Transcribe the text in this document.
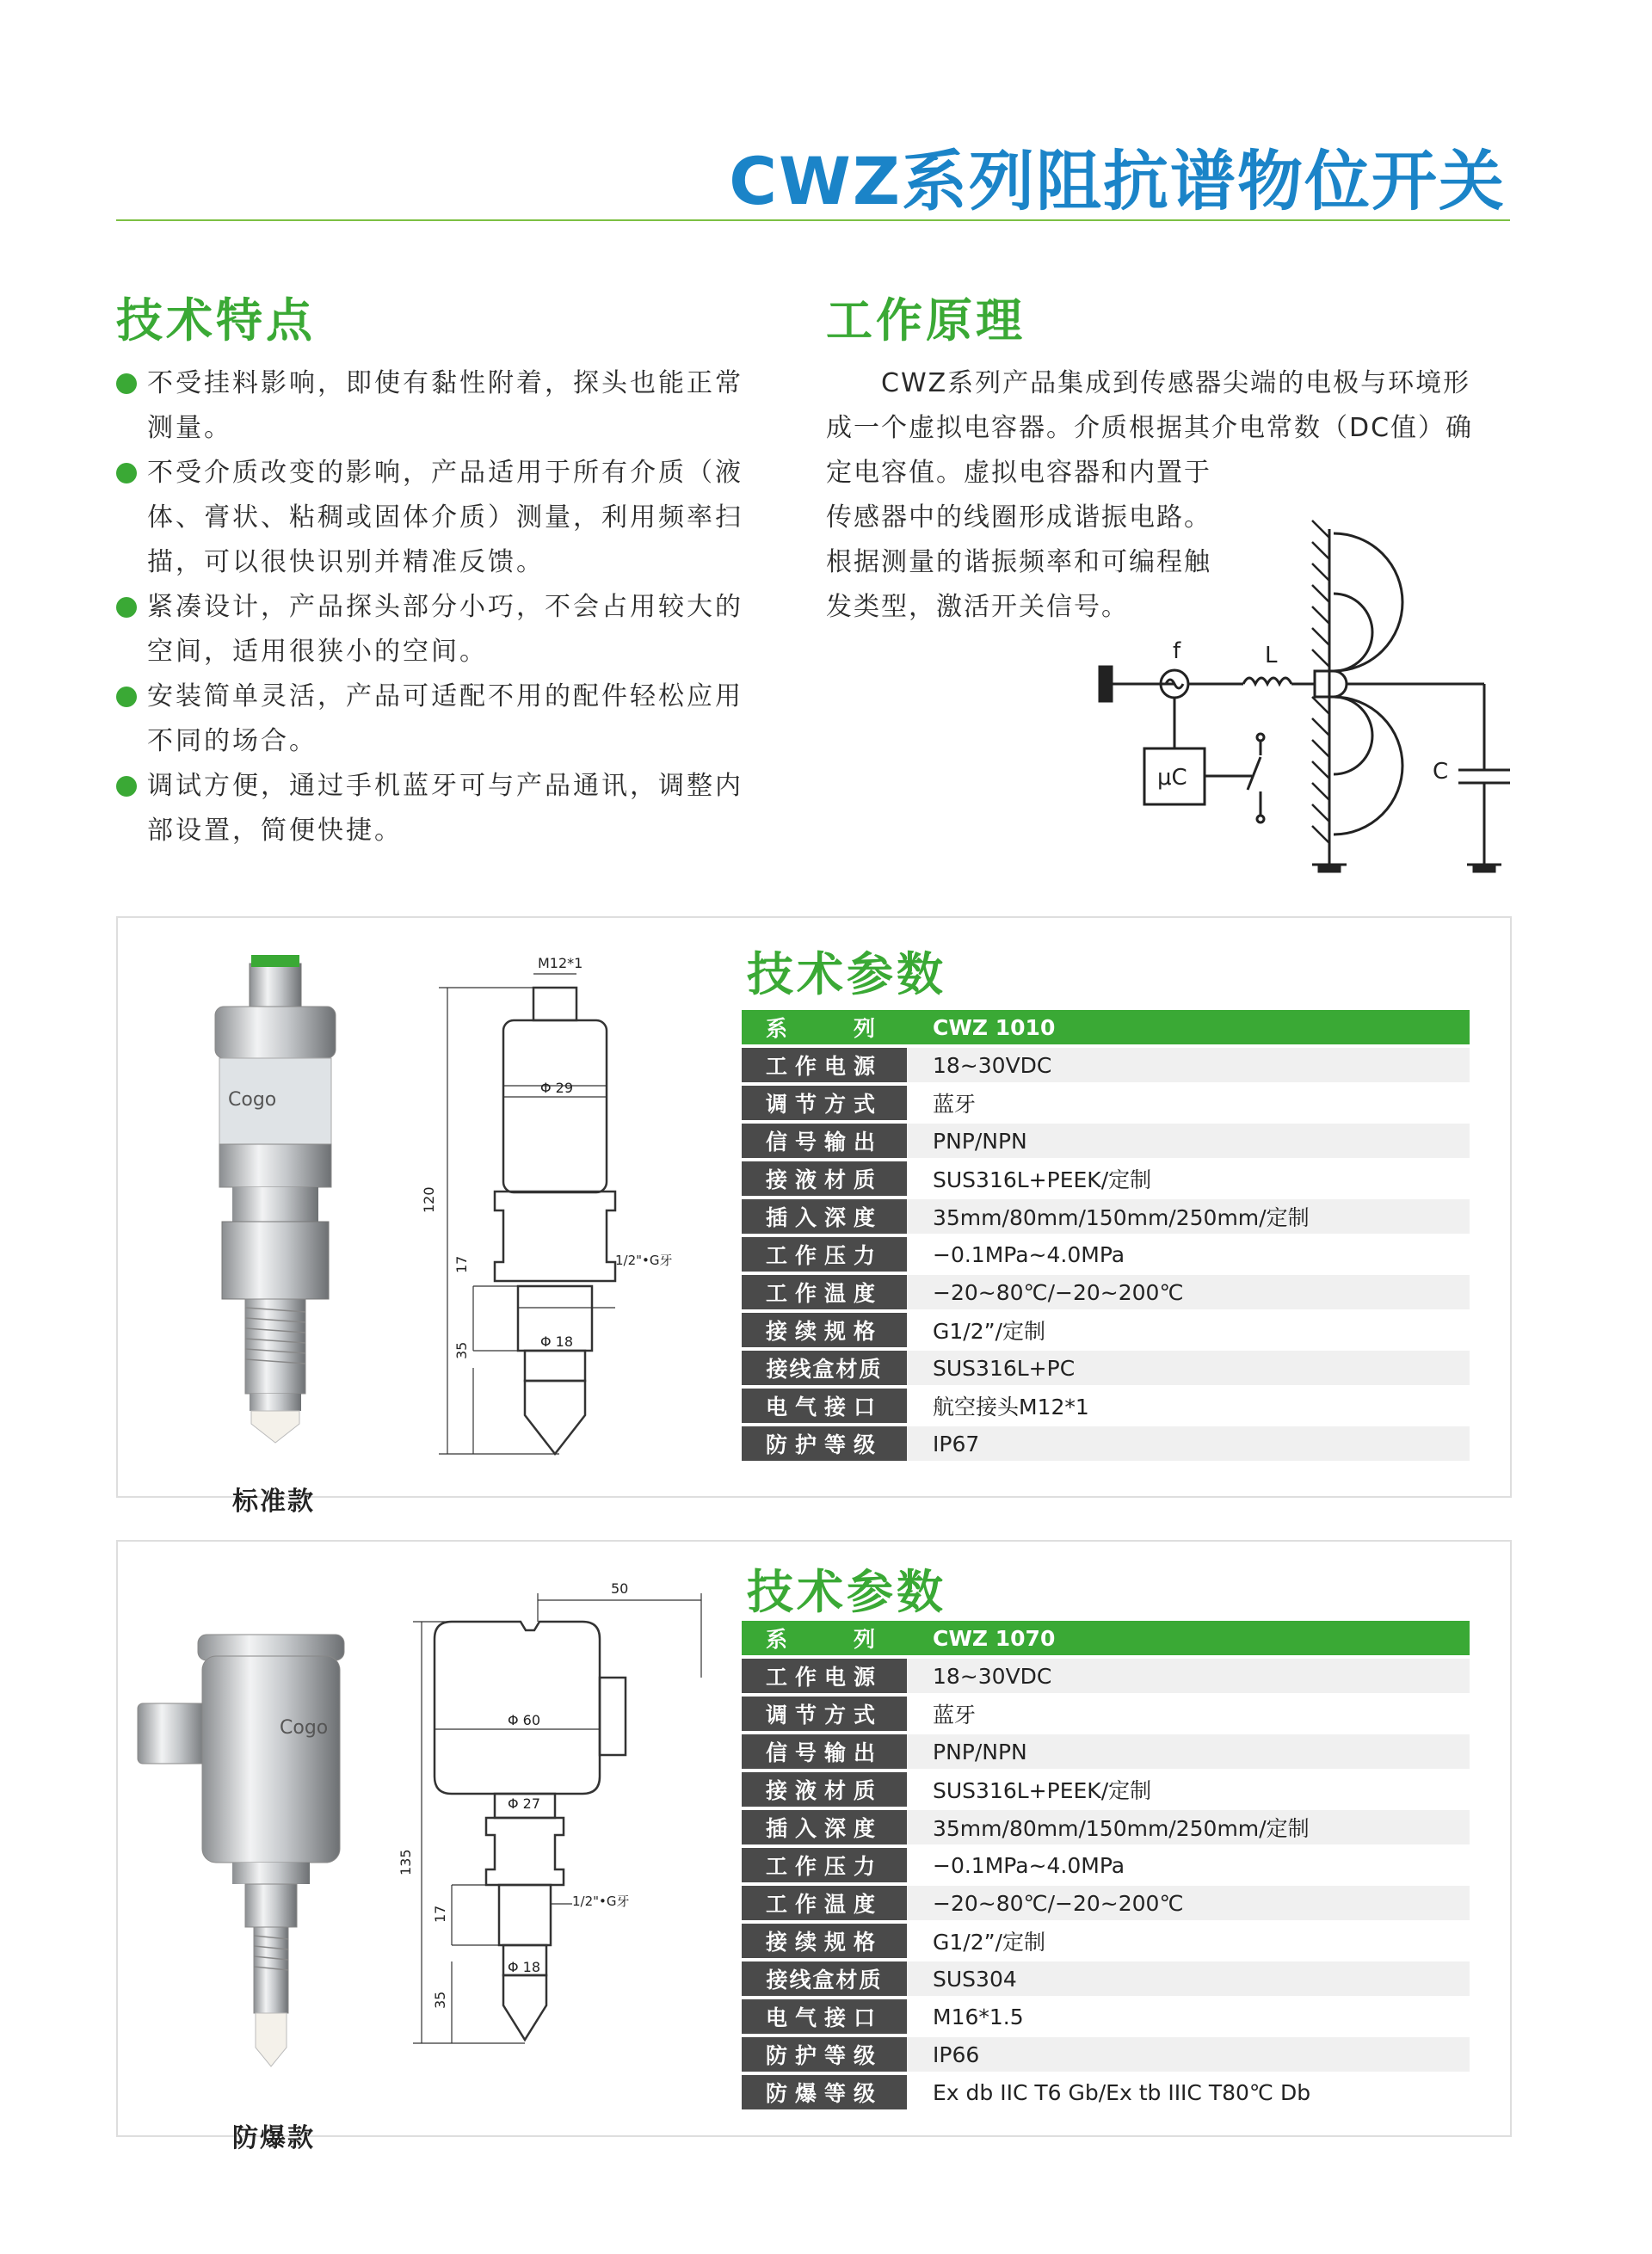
CWZ系列阻抗谱物位开关
技术特点
不受挂料影响，即使有黏性附着，探头也能正常测量。
不受介质改变的影响，产品适用于所有介质（液体、膏状、粘稠或固体介质）测量，利用频率扫描，可以很快识别并精准反馈。
紧凑设计，产品探头部分小巧，不会占用较大的空间，适用很狭小的空间。
安装简单灵活，产品可适配不用的配件轻松应用不同的场合。
调试方便，通过手机蓝牙可与产品通讯，调整内部设置，简便快捷。
工作原理

　　CWZ系列产品集成到传感器尖端的电极与环境形

成一个虚拟电容器。介质根据其介电常数（DC值）确

定电容值。虚拟电容器和内置于

传感器中的线圈形成谐振电路。

根据测量的谐振频率和可编程触

发类型，激活开关信号。

f	L
μC	C
Cogo
标准款
M12*1
Φ 29
1/2"•G牙
Φ 18
120
17
35
技术参数
系　　列	CWZ 1010
工作电源	18~30VDC
调节方式	蓝牙
信号输出	PNP/NPN
接液材质	SUS316L+PEEK/定制
插入深度	35mm/80mm/150mm/250mm/定制
工作压力	−0.1MPa~4.0MPa
工作温度	−20~80℃/−20~200℃
接续规格	G1/2”/定制
接线盒材质	SUS316L+PC
电气接口	航空接头M12*1
防护等级	IP67
Cogo
防爆款
50
Φ 60
Φ 27
1/2"•G牙
Φ 18
135
17
35
技术参数
系　　列	CWZ 1070
工作电源	18~30VDC
调节方式	蓝牙
信号输出	PNP/NPN
接液材质	SUS316L+PEEK/定制
插入深度	35mm/80mm/150mm/250mm/定制
工作压力	−0.1MPa~4.0MPa
工作温度	−20~80℃/−20~200℃
接续规格	G1/2”/定制
接线盒材质	SUS304
电气接口	M16*1.5
防护等级	IP66
防爆等级	Ex db IIC T6 Gb/Ex tb IIIC T80℃ Db
